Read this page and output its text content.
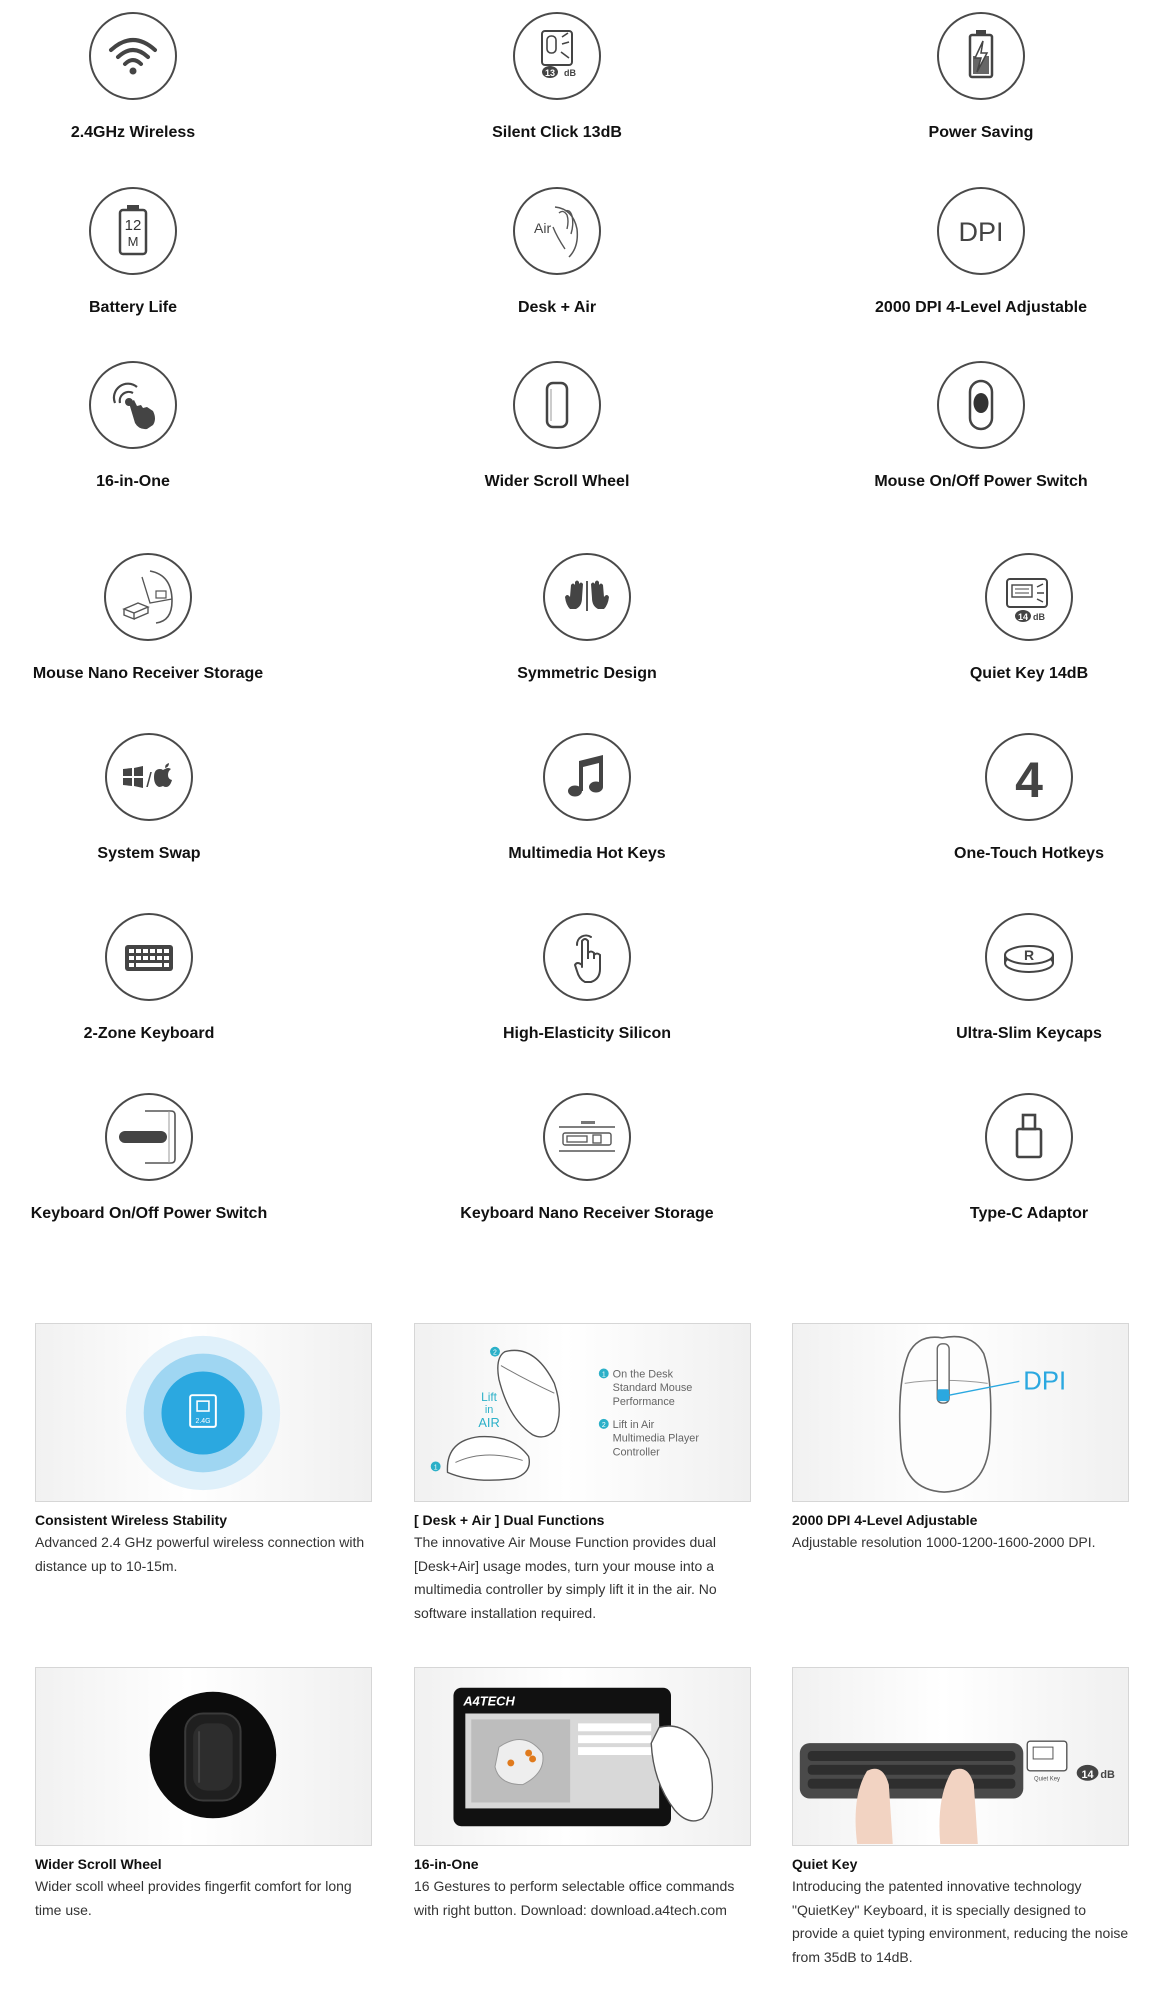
2.4GHz Wireless
13 dB
Silent Click 13dB	Power Saving
12
M
Battery Life
Air
Desk + Air
DPI
2000 DPI 4-Level Adjustable
16-in-One	Wider Scroll Wheel	Mouse On/Off Power Switch
Mouse Nano Receiver Storage	Symmetric Design
14 dB
Quiet Key 14dB
/
System Swap	Multimedia Hot Keys
4
One-Touch Hotkeys
2-Zone Keyboard	High-Elasticity Silicon
R
Ultra-Slim Keycaps
Keyboard On/Off Power Switch	Keyboard Nano Receiver Storage	Type-C Adaptor
2.4G
Consistent Wireless Stability
Advanced 2.4 GHz powerful wireless connection with distance up to 10-15m.
2
1
Lift
in
AIR
1 On the Desk
Standard Mouse
Performance
2 Lift in Air
Multimedia Player
Controller
[ Desk + Air ] Dual Functions
The innovative Air Mouse Function provides dual [Desk+Air] usage modes, turn your mouse into a multimedia controller by simply lift it in the air. No software installation required.
DPI
2000 DPI 4-Level Adjustable
Adjustable resolution 1000-1200-1600-2000 DPI.
Wider Scroll Wheel
Wider scoll wheel provides fingerfit comfort for long time use.
A4TECH
16-in-One
16 Gestures to perform selectable office commands with right button. Download: download.a4tech.com
Quiet Key 14 dB
Quiet Key
Introducing the patented innovative technology "QuietKey" Keyboard, it is specially designed to provide a quiet typing environment, reducing the noise from 35dB to 14dB.
